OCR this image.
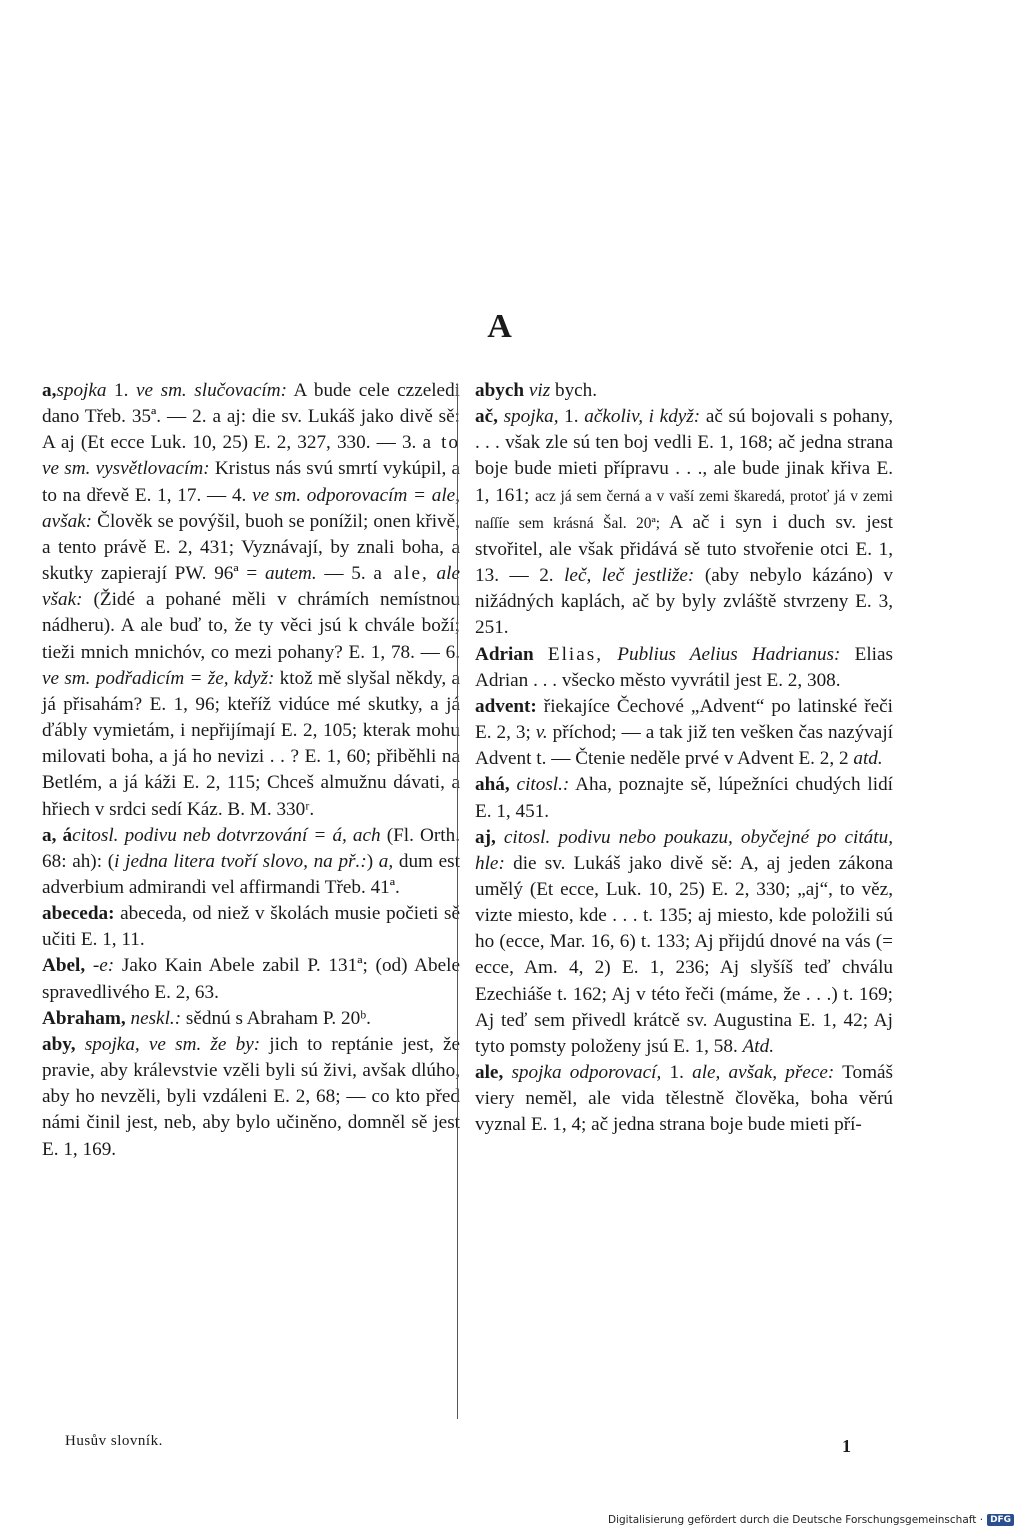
A

a,spojka 1. ve sm. slučovacím: A bude cele czzeledi dano Třeb. 35ª. — 2. a aj: die sv. Lukáš jako divě sě: A aj (Et ecce Luk. 10, 25) E. 2, 327, 330. — 3. a to ve sm. vysvětlovacím: Kristus nás svú smrtí vykúpil, a to na dřevě E. 1, 17. — 4. ve sm. odporovacím = ale, avšak: Člověk se povýšil, buoh se ponížil; onen křivě, a tento právě E. 2, 431; Vyznávají, by znali boha, a skutky zapierají PW. 96ª = autem. — 5. a ale, ale však: (Židé a pohané měli v chrámích nemístnou nádheru). A ale buď to, že ty věci jsú k chvále boží; tieži mnich mnichóv, co mezi pohany? E. 1, 78. — 6. ve sm. podřadicím = že, když: ktož mě slyšal někdy, a já přisahám? E. 1, 96; kteříž vidúce mé skutky, a já ďábly vymietám, i nepřijímají E. 2, 105; kterak mohu milovati boha, a já ho nevizi . . ? E. 1, 60; přiběhli na Betlém, a já káži E. 2, 115; Chceš almužnu dávati, a hřiech v srdci sedí Káz. B. M. 330ʳ.

a, ácitosl. podivu neb dotvrzování = á, ach (Fl. Orth. 68: ah): (i jedna litera tvoří slovo, na př.:) a, dum est adverbium admirandi vel affirmandi Třeb. 41ª.

abeceda: abeceda, od niež v školách musie počieti sě učiti E. 1, 11.

Abel, -e: Jako Kain Abele zabil P. 131ª; (od) Abele spravedlivého E. 2, 63.

Abraham, neskl.: sědnú s Abraham P. 20ᵇ.

aby, spojka, ve sm. že by: jich to reptánie jest, že pravie, aby králevstvie vzěli byli sú živi, avšak dlúho, aby ho nevzěli, byli vzdáleni E. 2, 68; — co kto před námi činil jest, neb, aby bylo učiněno, domněl sě jest E. 1, 169.

abych viz bych.

ač, spojka, 1. ačkoliv, i když: ač sú bojovali s pohany, . . . však zle sú ten boj vedli E. 1, 168; ač jedna strana boje bude mieti přípravu . . ., ale bude jinak křiva E. 1, 161; acz já sem černá a v vaší zemi škaredá, protoť já v zemi naſſíe sem krásná Šal. 20ª; A ač i syn i duch sv. jest stvořitel, ale však přidává sě tuto stvořenie otci E. 1, 13. — 2. leč, leč jestliže: (aby nebylo kázáno) v nižádných kaplách, ač by byly zvláště stvrzeny E. 3, 251.

Adrian Elias, Publius Aelius Hadrianus: Elias Adrian . . . všecko město vyvrátil jest E. 2, 308.

advent: řiekajíce Čechové „Advent“ po latinské řeči E. 2, 3; v. příchod; — a tak již ten vešken čas nazývají Advent t. — Čtenie neděle prvé v Advent E. 2, 2 atd.

ahá, citosl.: Aha, poznajte sě, lúpežníci chudých lidí E. 1, 451.

aj, citosl. podivu nebo poukazu, obyčejné po citátu, hle: die sv. Lukáš jako divě sě: A, aj jeden zákona umělý (Et ecce, Luk. 10, 25) E. 2, 330; „aj“, to věz, vizte miesto, kde . . . t. 135; aj miesto, kde položili sú ho (ecce, Mar. 16, 6) t. 133; Aj přijdú dnové na vás (= ecce, Am. 4, 2) E. 1, 236; Aj slyšíš teď chválu Ezechiáše t. 162; Aj v této řeči (máme, že . . .) t. 169; Aj teď sem přivedl krátcě sv. Augustina E. 1, 42; Aj tyto pomsty položeny jsú E. 1, 58. Atd.

ale, spojka odporovací, 1. ale, avšak, přece: Tomáš viery neměl, ale vida tělestně člověka, boha věrú vyznal E. 1, 4; ač jedna strana boje bude mieti pří-

Husův slovník.	1
Digitalisierung gefördert durch die Deutsche Forschungsgemeinschaft · DFG
